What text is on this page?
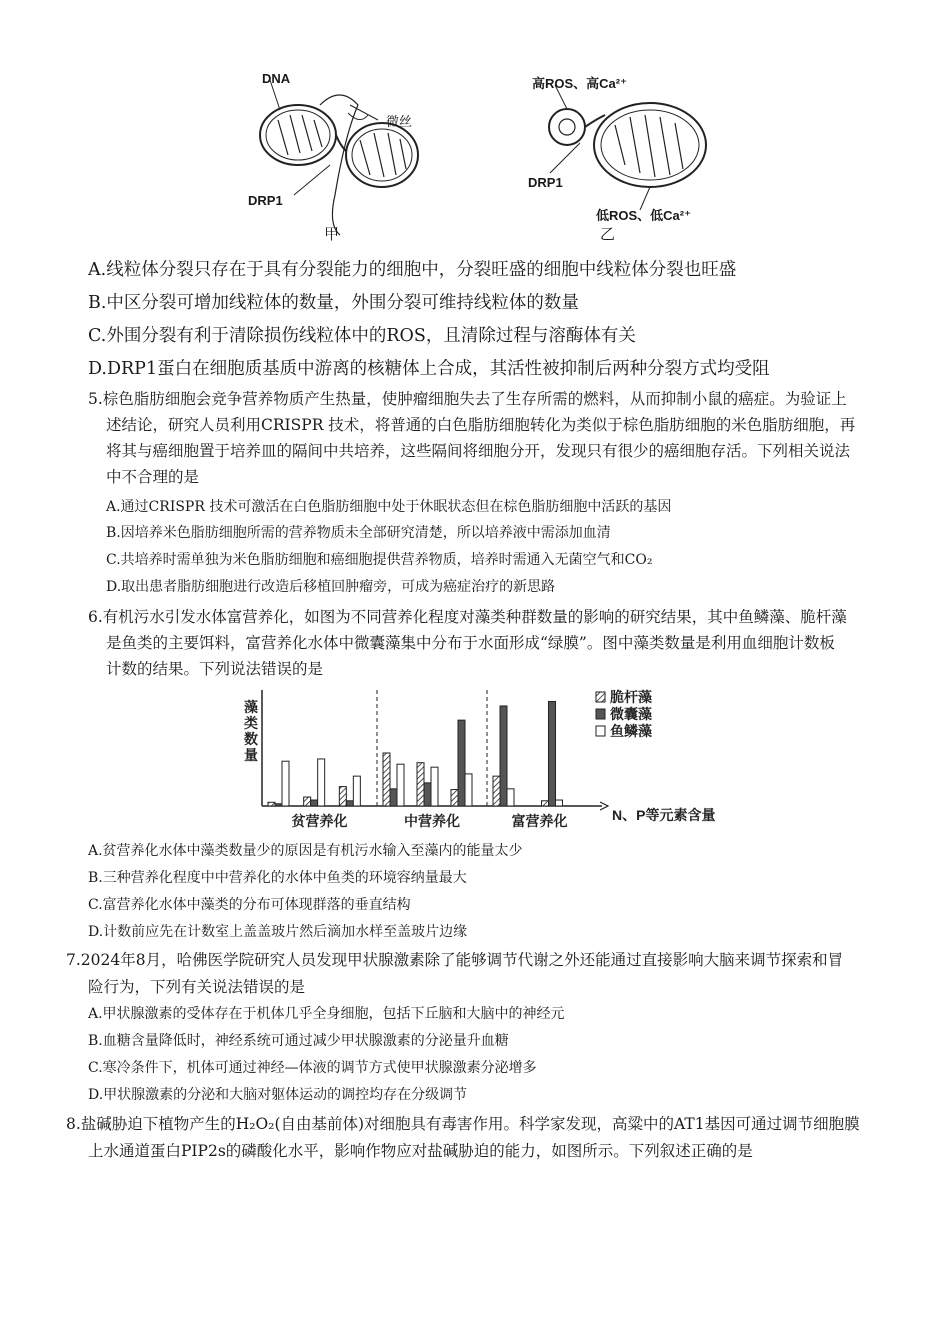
DNA
微丝
DRP1
甲
高ROS、高Ca²⁺
DRP1
低ROS、低Ca²⁺
乙
A.线粒体分裂只存在于具有分裂能力的细胞中，分裂旺盛的细胞中线粒体分裂也旺盛
B.中区分裂可增加线粒体的数量，外围分裂可维持线粒体的数量
C.外围分裂有利于清除损伤线粒体中的ROS，且清除过程与溶酶体有关
D.DRP1蛋白在细胞质基质中游离的核糖体上合成，其活性被抑制后两种分裂方式均受阻
5.棕色脂肪细胞会竞争营养物质产生热量，使肿瘤细胞失去了生存所需的燃料，从而抑制小鼠的癌症。为验证上
述结论，研究人员利用CRISPR 技术，将普通的白色脂肪细胞转化为类似于棕色脂肪细胞的米色脂肪细胞，再
将其与癌细胞置于培养皿的隔间中共培养，这些隔间将细胞分开，发现只有很少的癌细胞存活。下列相关说法
中不合理的是
A.通过CRISPR 技术可激活在白色脂肪细胞中处于休眠状态但在棕色脂肪细胞中活跃的基因
B.因培养米色脂肪细胞所需的营养物质未全部研究清楚，所以培养液中需添加血清
C.共培养时需单独为米色脂肪细胞和癌细胞提供营养物质，培养时需通入无菌空气和CO₂
D.取出患者脂肪细胞进行改造后移植回肿瘤旁，可成为癌症治疗的新思路
6.有机污水引发水体富营养化，如图为不同营养化程度对藻类种群数量的影响的研究结果，其中鱼鳞藻、脆杆藻
是鱼类的主要饵料，富营养化水体中微囊藻集中分布于水面形成“绿膜”。图中藻类数量是利用血细胞计数板
计数的结果。下列说法错误的是
藻
类
数
量
贫营养化	中营养化	富营养化	N、P等元素含量
脆杆藻
微囊藻
鱼鳞藻
A.贫营养化水体中藻类数量少的原因是有机污水输入至藻内的能量太少
B.三种营养化程度中中营养化的水体中鱼类的环境容纳量最大
C.富营养化水体中藻类的分布可体现群落的垂直结构
D.计数前应先在计数室上盖盖玻片然后滴加水样至盖玻片边缘
7.2024年8月，哈佛医学院研究人员发现甲状腺激素除了能够调节代谢之外还能通过直接影响大脑来调节探索和冒
险行为，下列有关说法错误的是
A.甲状腺激素的受体存在于机体几乎全身细胞，包括下丘脑和大脑中的神经元
B.血糖含量降低时，神经系统可通过减少甲状腺激素的分泌量升血糖
C.寒冷条件下，机体可通过神经—体液的调节方式使甲状腺激素分泌增多
D.甲状腺激素的分泌和大脑对躯体运动的调控均存在分级调节
8.盐碱胁迫下植物产生的H₂O₂(自由基前体)对细胞具有毒害作用。科学家发现，高粱中的AT1基因可通过调节细胞膜
上水通道蛋白PIP2s的磷酸化水平，影响作物应对盐碱胁迫的能力，如图所示。下列叙述正确的是
